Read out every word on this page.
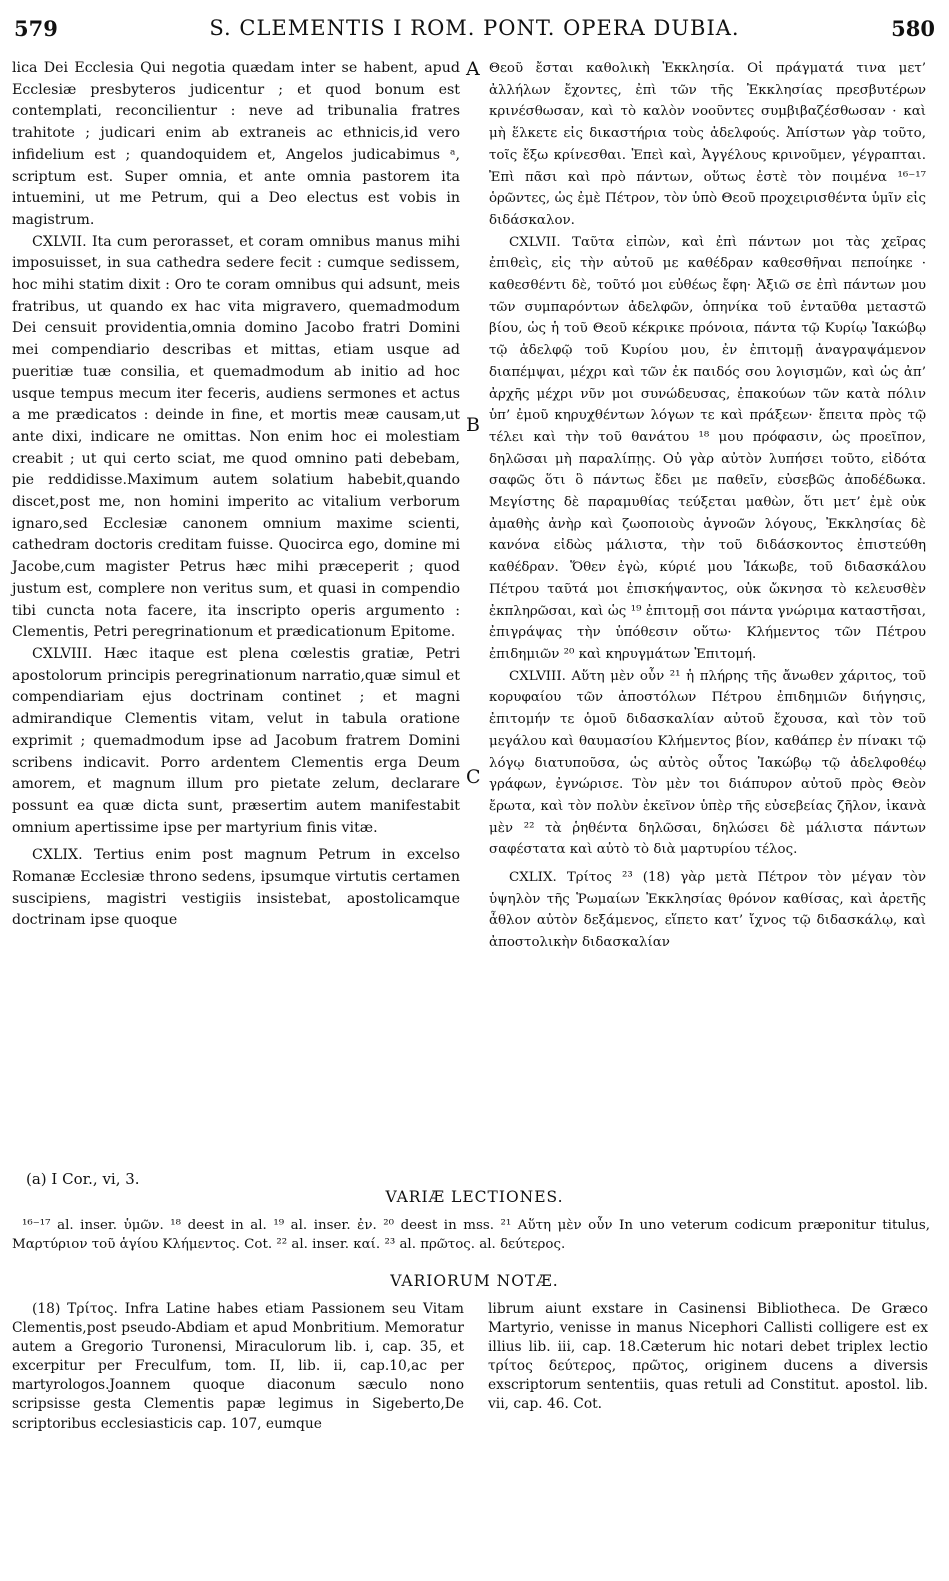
579	S. CLEMENTIS I ROM. PONT. OPERA DUBIA.	580

lica Dei Ecclesia Qui negotia quædam inter se habent, apud Ecclesiæ presbyteros judicentur ; et quod bonum est contemplati, reconcilientur : neve ad tribunalia fratres trahitote ; judicari enim ab extraneis ac ethnicis,id vero infidelium est ; quandoquidem et, Angelos judicabimus ᵃ, scriptum est. Super omnia, et ante omnia pastorem ita intuemini, ut me Petrum, qui a Deo electus est vobis in magistrum.

CXLVII. Ita cum perorasset, et coram omnibus manus mihi imposuisset, in sua cathedra sedere fecit : cumque sedissem, hoc mihi statim dixit : Oro te coram omnibus qui adsunt, meis fratribus, ut quando ex hac vita migravero, quemadmodum Dei censuit providentia,omnia domino Jacobo fratri Domini mei compendiario describas et mittas, etiam usque ad pueritiæ tuæ consilia, et quemadmodum ab initio ad hoc usque tempus mecum iter feceris, audiens sermones et actus a me prædicatos : deinde in fine, et mortis meæ causam,ut ante dixi, indicare ne omittas. Non enim hoc ei molestiam creabit ; ut qui certo sciat, me quod omnino pati debebam, pie reddidisse.Maximum autem solatium habebit,quando discet,post me, non homini imperito ac vitalium verborum ignaro,sed Ecclesiæ canonem omnium maxime scienti, cathedram doctoris creditam fuisse. Quocirca ego, domine mi Jacobe,cum magister Petrus hæc mihi præceperit ; quod justum est, complere non veritus sum, et quasi in compendio tibi cuncta nota facere, ita inscripto operis argumento : Clementis, Petri peregrinationum et prædicationum Epitome.

CXLVIII. Hæc itaque est plena cœlestis gratiæ, Petri apostolorum principis peregrinationum narratio,quæ simul et compendiariam ejus doctrinam continet ; et magni admirandique Clementis vitam, velut in tabula oratione exprimit ; quemadmodum ipse ad Jacobum fratrem Domini scribens indicavit. Porro ardentem Clementis erga Deum amorem, et magnum illum pro pietate zelum, declarare possunt ea quæ dicta sunt, præsertim autem manifestabit omnium apertissime ipse per martyrium finis vitæ.

CXLIX. Tertius enim post magnum Petrum in excelso Romanæ Ecclesiæ throno sedens, ipsumque virtutis certamen suscipiens, magistri vestigiis insistebat, apostolicamque doctrinam ipse quoque

A
B
C

Θεοῦ ἔσται καθολικὴ Ἐκκλησία. Οἱ πράγματά τινα μετ’ ἀλλήλων ἔχοντες, ἐπὶ τῶν τῆς Ἐκκλησίας πρεσβυτέρων κρινέσθωσαν, καὶ τὸ καλὸν νοοῦντες συμβιβαζέσθωσαν · καὶ μὴ ἕλκετε εἰς δικαστήρια τοὺς ἀδελφούς. Ἀπίστων γὰρ τοῦτο, τοῖς ἔξω κρίνεσθαι. Ἐπεὶ καὶ, Ἀγγέλους κρινοῦμεν, γέγραπται. Ἐπὶ πᾶσι καὶ πρὸ πάντων, οὕτως ἐστὲ τὸν ποιμένα ¹⁶⁻¹⁷ ὁρῶντες, ὡς ἐμὲ Πέτρον, τὸν ὑπὸ Θεοῦ προχειρισθέντα ὑμῖν εἰς διδάσκαλον.

CXLVII. Ταῦτα εἰπὼν, καὶ ἐπὶ πάντων μοι τὰς χεῖρας ἐπιθεὶς, εἰς τὴν αὐτοῦ με καθέδραν καθεσθῆναι πεποίηκε · καθεσθέντι δὲ, τοῦτό μοι εὐθέως ἔφη· Ἀξιῶ σε ἐπὶ πάντων μου τῶν συμπαρόντων ἀδελφῶν, ὁπηνίκα τοῦ ἐνταῦθα μεταστῶ βίου, ὡς ἡ τοῦ Θεοῦ κέκρικε πρόνοια, πάντα τῷ Κυρίῳ Ἰακώβῳ τῷ ἀδελφῷ τοῦ Κυρίου μου, ἐν ἐπιτομῇ ἀναγραψάμενον διαπέμψαι, μέχρι καὶ τῶν ἐκ παιδός σου λογισμῶν, καὶ ὡς ἀπ’ ἀρχῆς μέχρι νῦν μοι συνώδευσας, ἐπακούων τῶν κατὰ πόλιν ὑπ’ ἐμοῦ κηρυχθέντων λόγων τε καὶ πράξεων· ἔπειτα πρὸς τῷ τέλει καὶ τὴν τοῦ θανάτου ¹⁸ μου πρόφασιν, ὡς προεῖπον, δηλῶσαι μὴ παραλίπῃς. Οὐ γὰρ αὐτὸν λυπήσει τοῦτο, εἰδότα σαφῶς ὅτι ὃ πάντως ἔδει με παθεῖν, εὐσεβῶς ἀποδέδωκα. Μεγίστης δὲ παραμυθίας τεύξεται μαθὼν, ὅτι μετ’ ἐμὲ οὐκ ἀμαθὴς ἀνὴρ καὶ ζωοποιοὺς ἀγνοῶν λόγους, Ἐκκλησίας δὲ κανόνα εἰδὼς μάλιστα, τὴν τοῦ διδάσκοντος ἐπιστεύθη καθέδραν. Ὅθεν ἐγὼ, κύριέ μου Ἰάκωβε, τοῦ διδασκάλου Πέτρου ταῦτά μοι ἐπισκήψαντος, οὐκ ὤκνησα τὸ κελευσθὲν ἐκπληρῶσαι, καὶ ὡς ¹⁹ ἐπιτομῇ σοι πάντα γνώριμα καταστῆσαι, ἐπιγράψας τὴν ὑπόθεσιν οὕτω· Κλήμεντος τῶν Πέτρου ἐπιδημιῶν ²⁰ καὶ κηρυγμάτων Ἐπιτομή.

CXLVIII. Αὕτη μὲν οὖν ²¹ ἡ πλήρης τῆς ἄνωθεν χάριτος, τοῦ κορυφαίου τῶν ἀποστόλων Πέτρου ἐπιδημιῶν διήγησις, ἐπιτομήν τε ὁμοῦ διδασκαλίαν αὐτοῦ ἔχουσα, καὶ τὸν τοῦ μεγάλου καὶ θαυμασίου Κλήμεντος βίον, καθάπερ ἐν πίνακι τῷ λόγῳ διατυποῦσα, ὡς αὐτὸς οὗτος Ἰακώβῳ τῷ ἀδελφοθέῳ γράφων, ἐγνώρισε. Τὸν μὲν τοι διάπυρον αὐτοῦ πρὸς Θεὸν ἔρωτα, καὶ τὸν πολὺν ἐκεῖνον ὑπὲρ τῆς εὐσεβείας ζῆλον, ἱκανὰ μὲν ²² τὰ ῥηθέντα δηλῶσαι, δηλώσει δὲ μάλιστα πάντων σαφέστατα καὶ αὐτὸ τὸ διὰ μαρτυρίου τέλος.

CXLIX. Τρίτος ²³ (18) γὰρ μετὰ Πέτρον τὸν μέγαν τὸν ὑψηλὸν τῆς Ῥωμαίων Ἐκκλησίας θρόνον καθίσας, καὶ ἀρετῆς ἆθλον αὐτὸν δεξάμενος, εἵπετο κατ’ ἴχνος τῷ διδασκάλῳ, καὶ ἀποστολικὴν διδασκαλίαν

(a) I Cor., vi, 3.
VARIÆ LECTIONES.

¹⁶⁻¹⁷ al. inser. ὑμῶν. ¹⁸ deest in al. ¹⁹ al. inser. ἐν. ²⁰ deest in mss. ²¹ Αὕτη μὲν οὖν In uno veterum codicum præponitur titulus, Μαρτύριον τοῦ ἁγίου Κλήμεντος. Cot. ²² al. inser. καί. ²³ al. πρῶτος. al. δεύτερος.

VARIORUM NOTÆ.

(18) Τρίτος. Infra Latine habes etiam Passionem seu Vitam Clementis,post pseudo-Abdiam et apud Monbritium. Memoratur autem a Gregorio Turonensi, Miraculorum lib. i, cap. 35, et excerpitur per Freculfum, tom. II, lib. ii, cap.10,ac per martyrologos.Joannem quoque diaconum sæculo nono scripsisse gesta Clementis papæ legimus in Sigeberto,De scriptoribus ecclesiasticis cap. 107, eumque

librum aiunt exstare in Casinensi Bibliotheca. De Græco Martyrio, venisse in manus Nicephori Callisti colligere est ex illius lib. iii, cap. 18.Cæterum hic notari debet triplex lectio τρίτος δεύτερος, πρῶτος, originem ducens a diversis exscriptorum sententiis, quas retuli ad Constitut. apostol. lib. vii, cap. 46. Cot.
